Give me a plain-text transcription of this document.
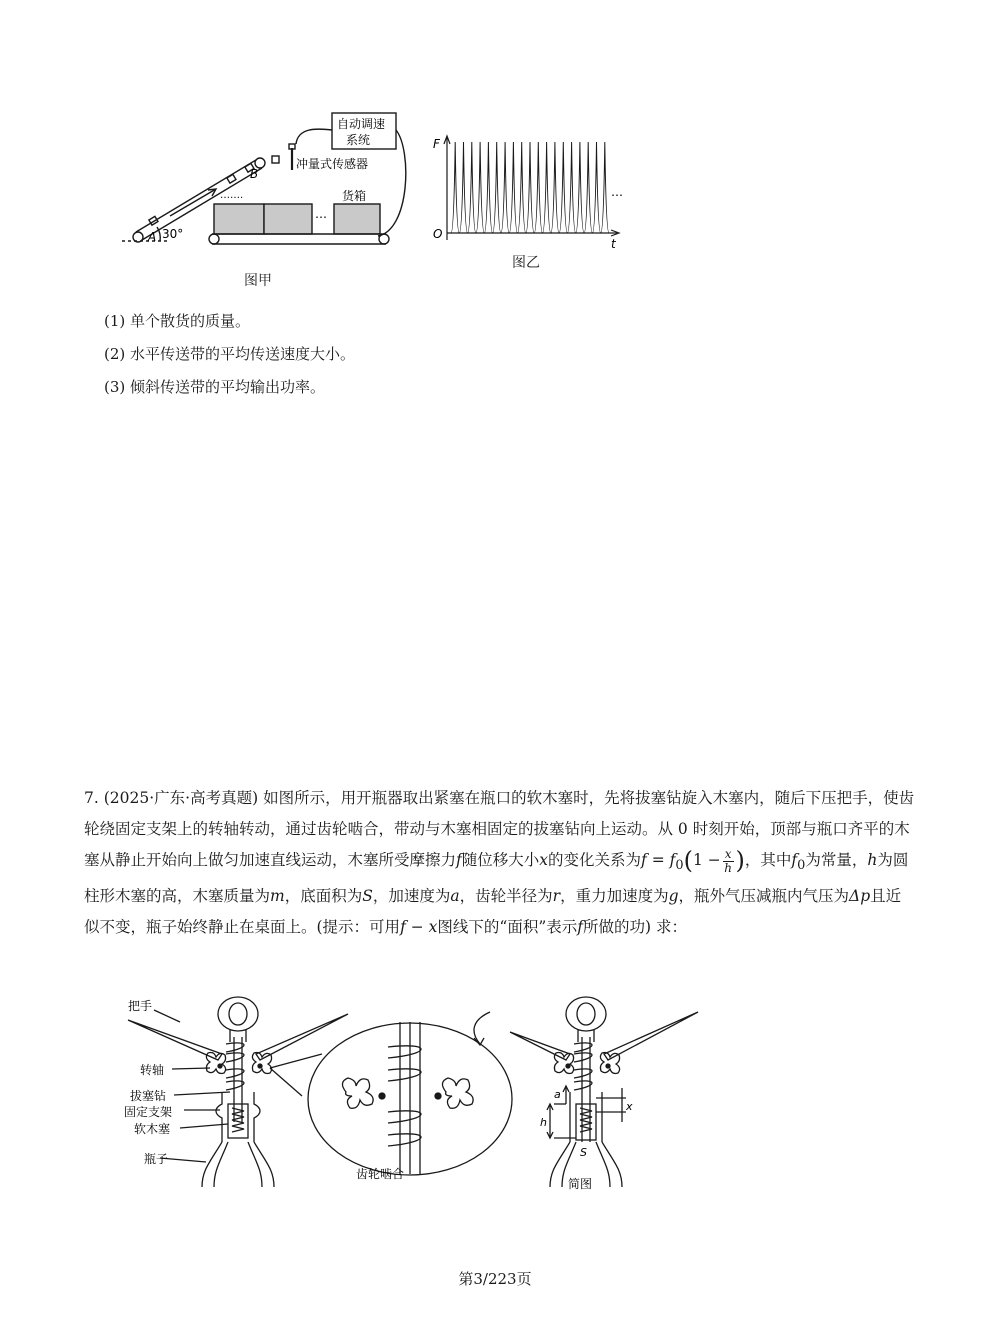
…….
A
B
30°
自动调速
系统
冲量式传感器
货箱
…
图甲
F
O
t
…
图乙
(1) 单个散货的质量。
(2) 水平传送带的平均传送速度大小。
(3) 倾斜传送带的平均输出功率。

7. (2025·广东·高考真题) 如图所示，用开瓶器取出紧塞在瓶口的软木塞时，先将拔塞钻旋入木塞内，随后下压把手，使齿轮绕固定支架上的转轴转动，通过齿轮啮合，带动与木塞相固定的拔塞钻向上运动。从 0 时刻开始，顶部与瓶口齐平的木塞从静止开始向上做匀加速直线运动，木塞所受摩擦力f随位移大小x的变化关系为$f = f_0(1 - \frac{x}{h}$ )，其中$f_0$为常量，h为圆柱形木塞的高，木塞质量为m，底面积为S，加速度为a，齿轮半径为r，重力加速度为g，瓶外气压减瓶内气压为Δp且近似不变，瓶子始终静止在桌面上。(提示：可用f − x图线下的“面积”表示f所做的功) 求：

把手
转轴
拔塞钻
固定支架
软木塞
瓶子
齿轮啮合
简图
a
h
x
S
第3/223页
